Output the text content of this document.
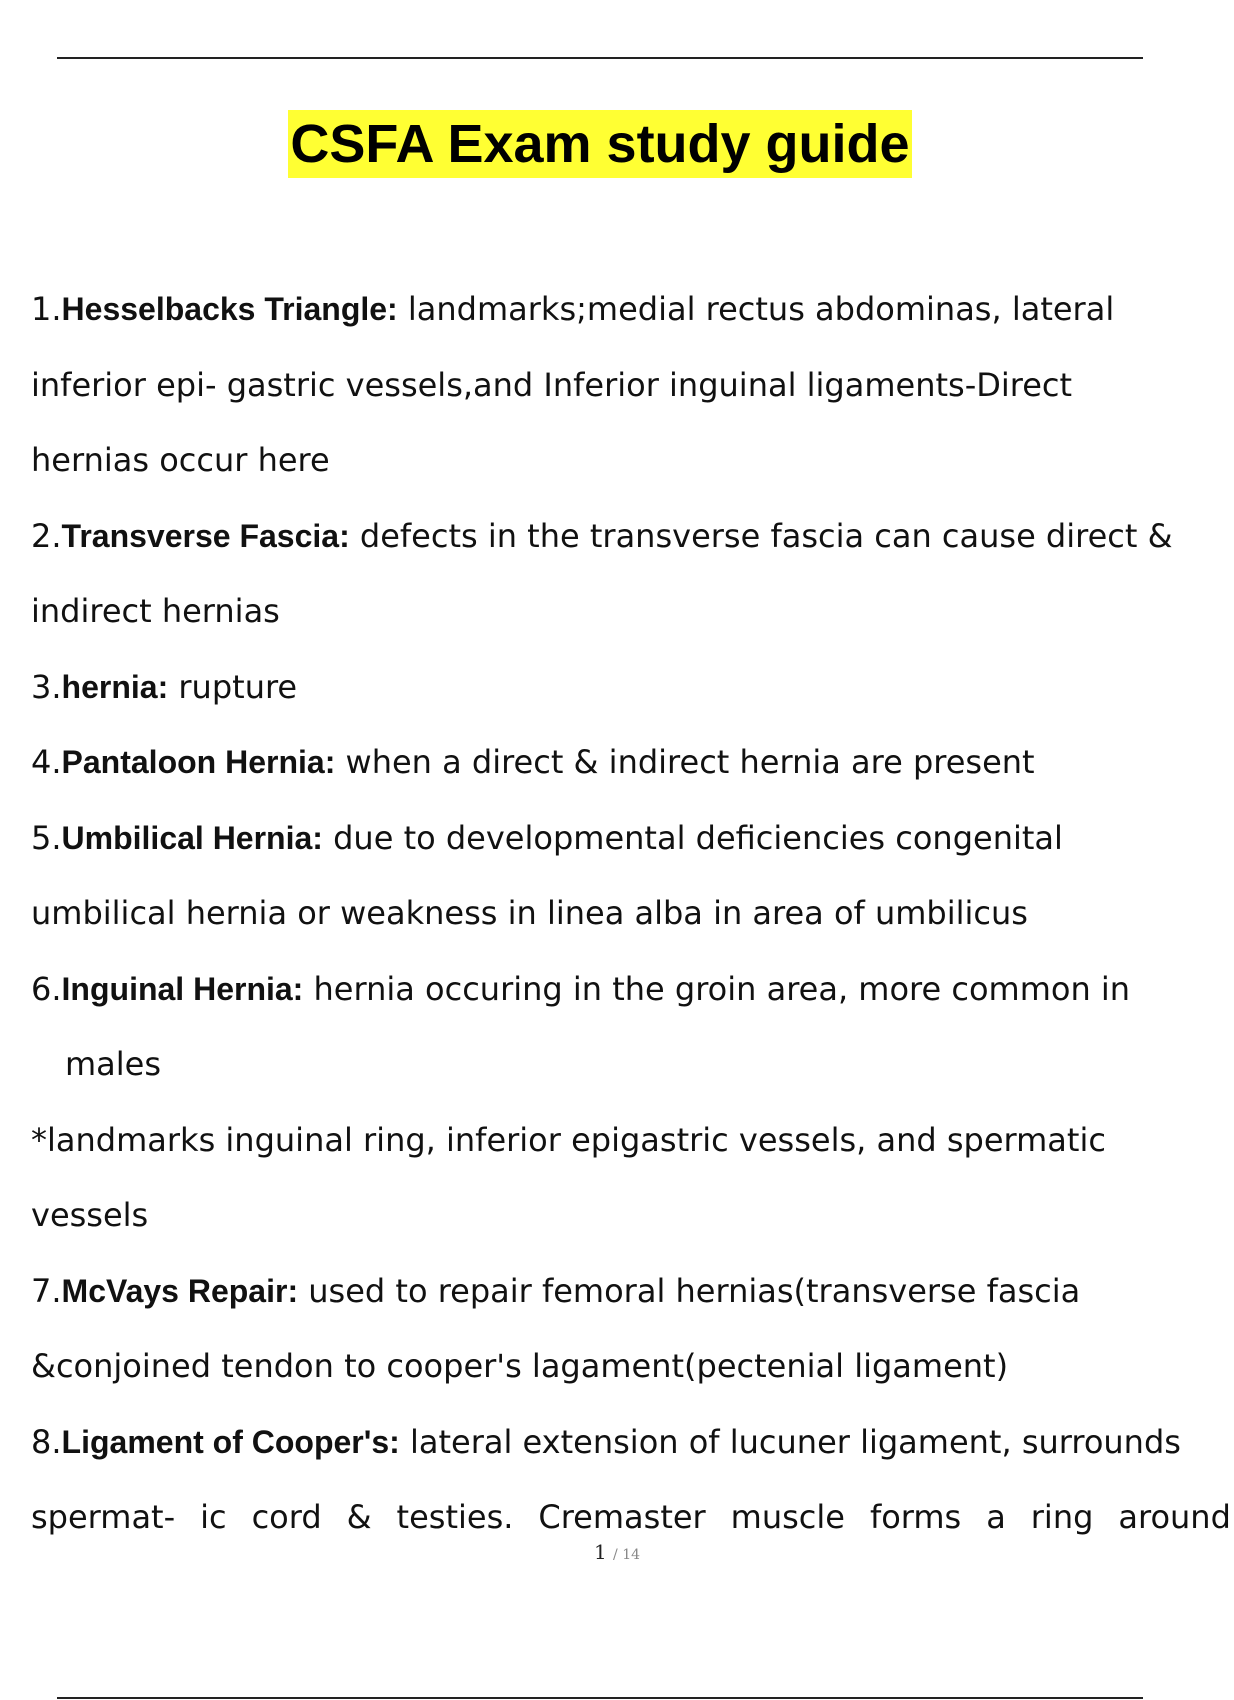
CSFA Exam study guide
1.Hesselbacks Triangle: landmarks;medial rectus abdominas, lateral
inferior epi- gastric vessels,and Inferior inguinal ligaments-Direct
hernias occur here
2.Transverse Fascia: defects in the transverse fascia can cause direct &
indirect hernias
3.hernia: rupture
4.Pantaloon Hernia: when a direct & indirect hernia are present
5.Umbilical Hernia: due to developmental deficiencies congenital
umbilical hernia or weakness in linea alba in area of umbilicus
6.Inguinal Hernia: hernia occuring in the groin area, more common in
males
*landmarks inguinal ring, inferior epigastric vessels, and spermatic
vessels
7.McVays Repair: used to repair femoral hernias(transverse fascia
&conjoined tendon to cooper's lagament(pectenial ligament)
8.Ligament of Cooper's: lateral extension of lucuner ligament, surrounds
spermat- ic cord & testies. Cremaster muscle forms a ring around
1 / 14
